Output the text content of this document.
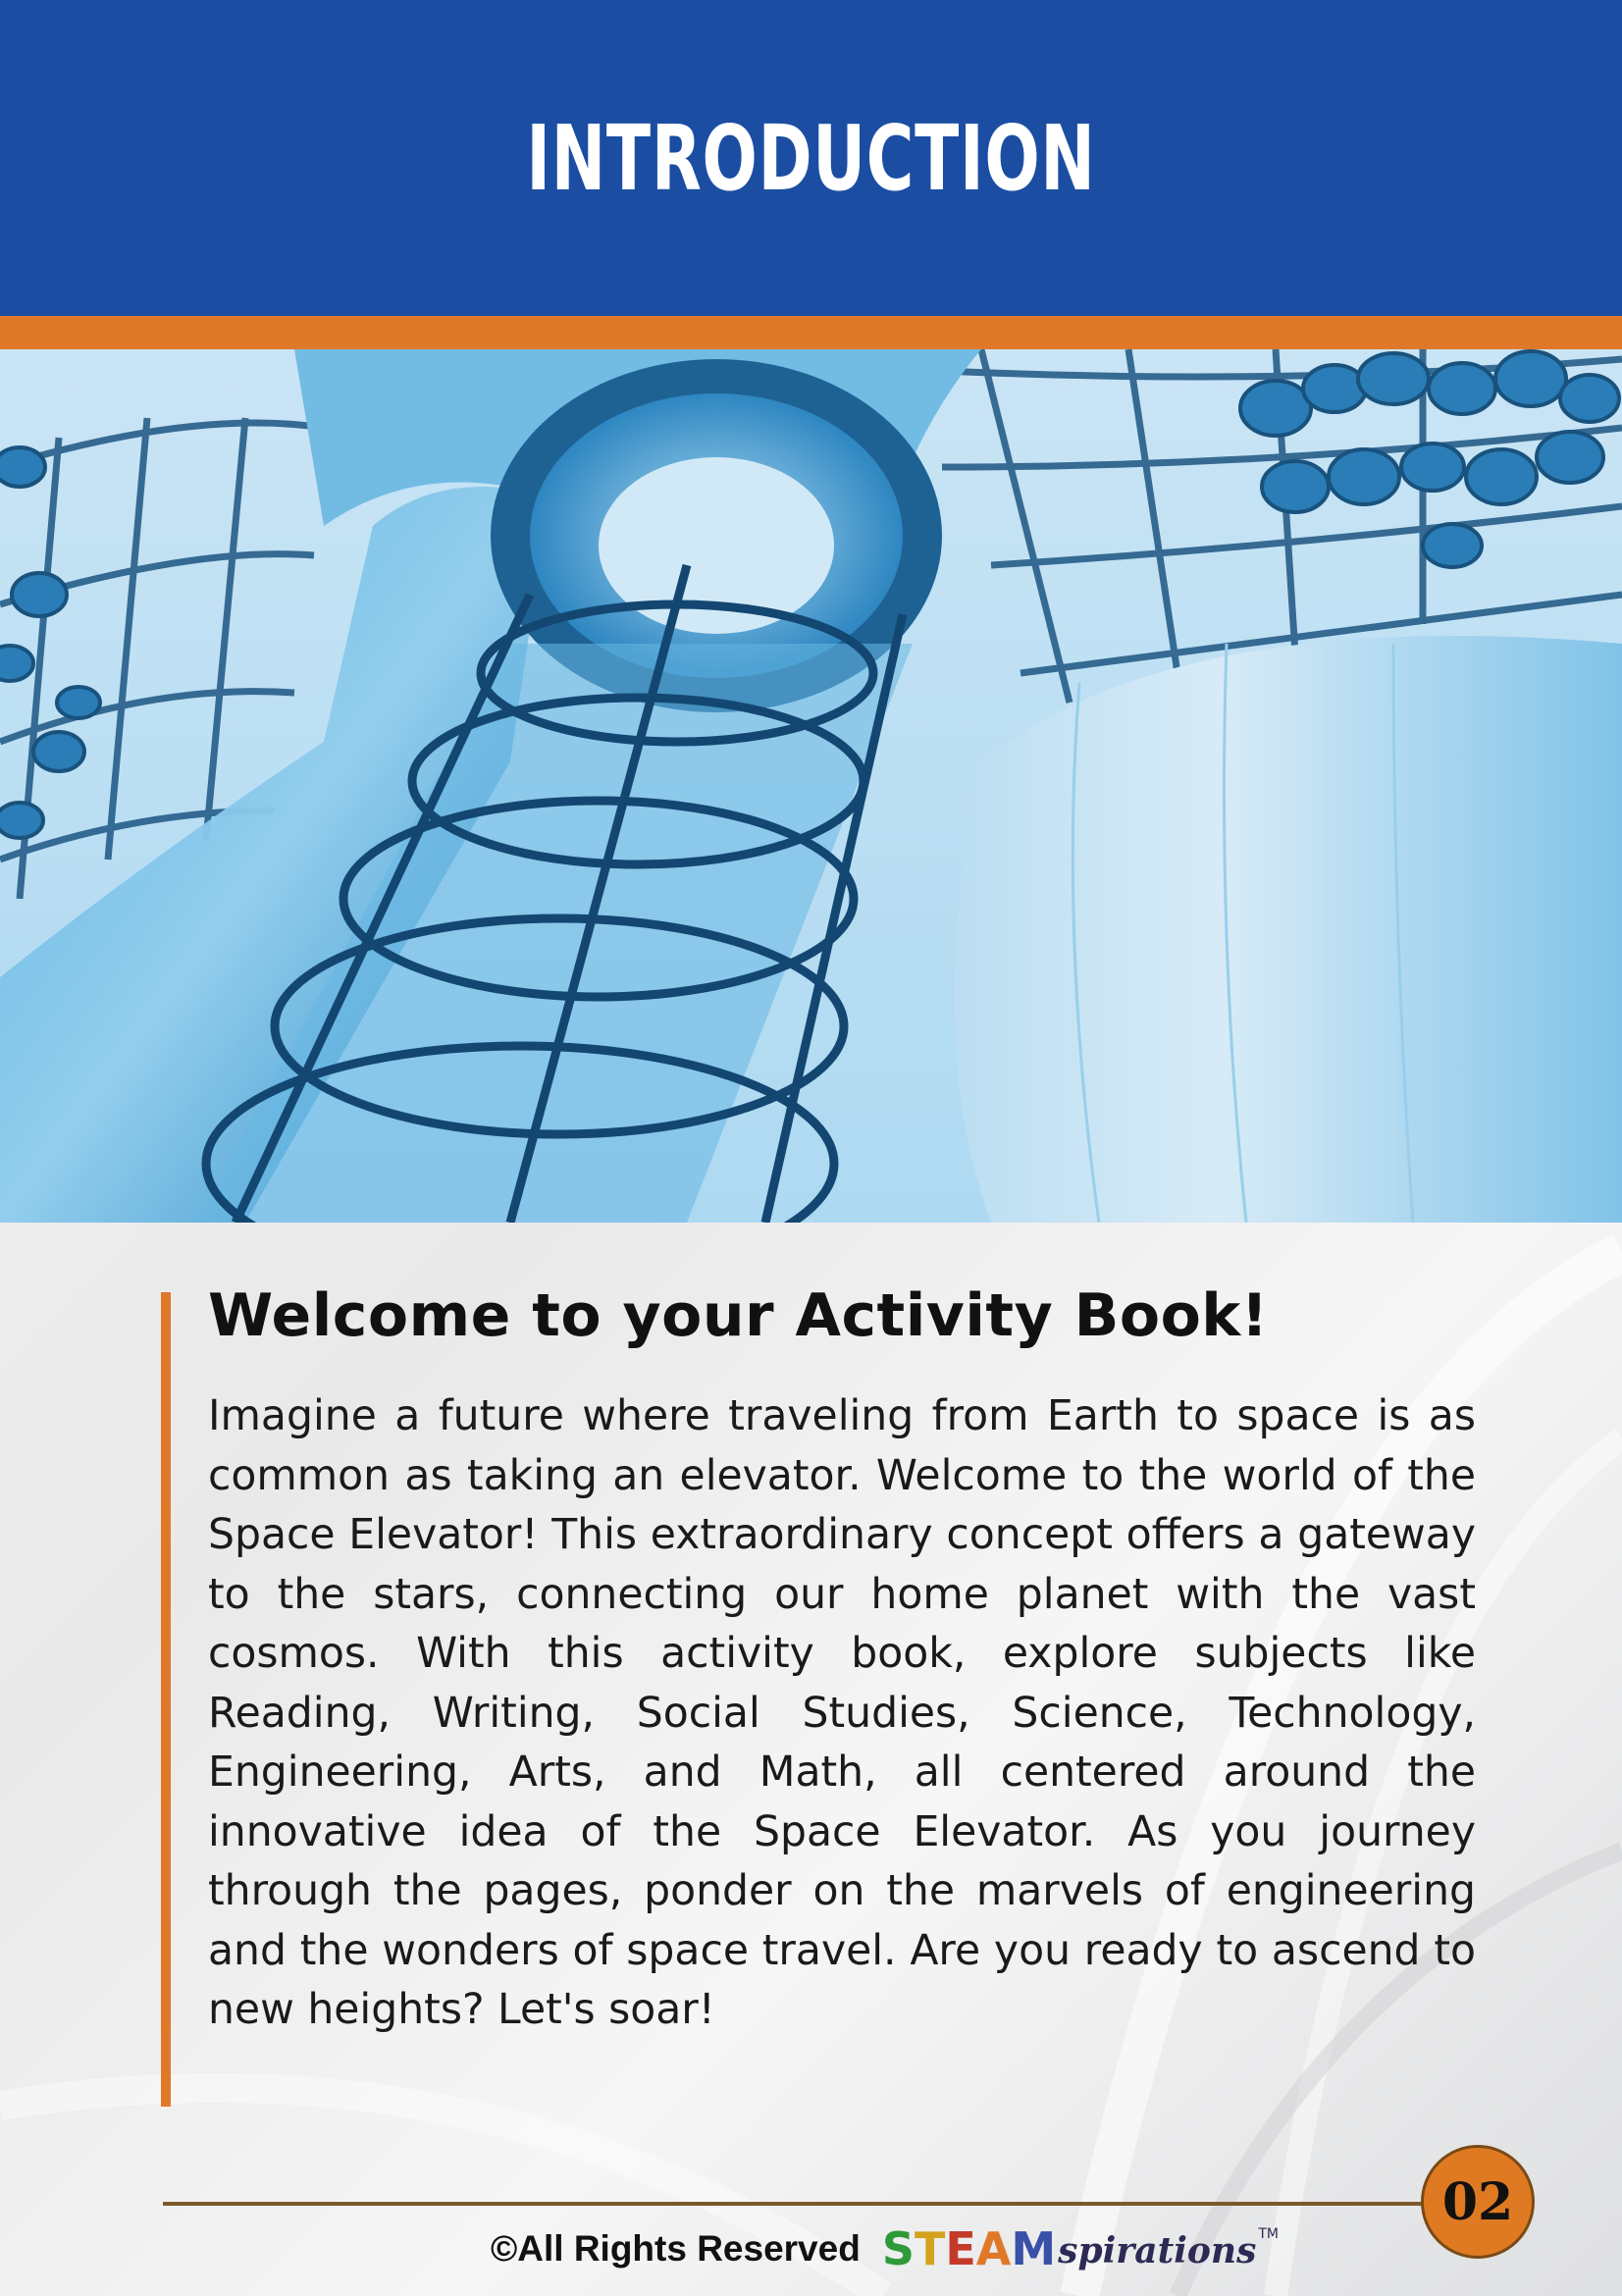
INTRODUCTION
Welcome to your Activity Book!

Imagine a future where traveling from Earth to space is as common as taking an elevator. Welcome to the world of the Space Elevator! This extraordinary concept offers a gateway to the stars, connecting our home planet with the vast cosmos. With this activity book, explore subjects like Reading, Writing, Social Studies, Science, Technology, Engineering, Arts, and Math, all centered around the innovative idea of the Space Elevator. As you journey through the pages, ponder on the marvels of engineering and the wonders of space travel. Are you ready to ascend to new heights? Let's soar!

02
©All Rights Reserved S T E A M spirations TM
